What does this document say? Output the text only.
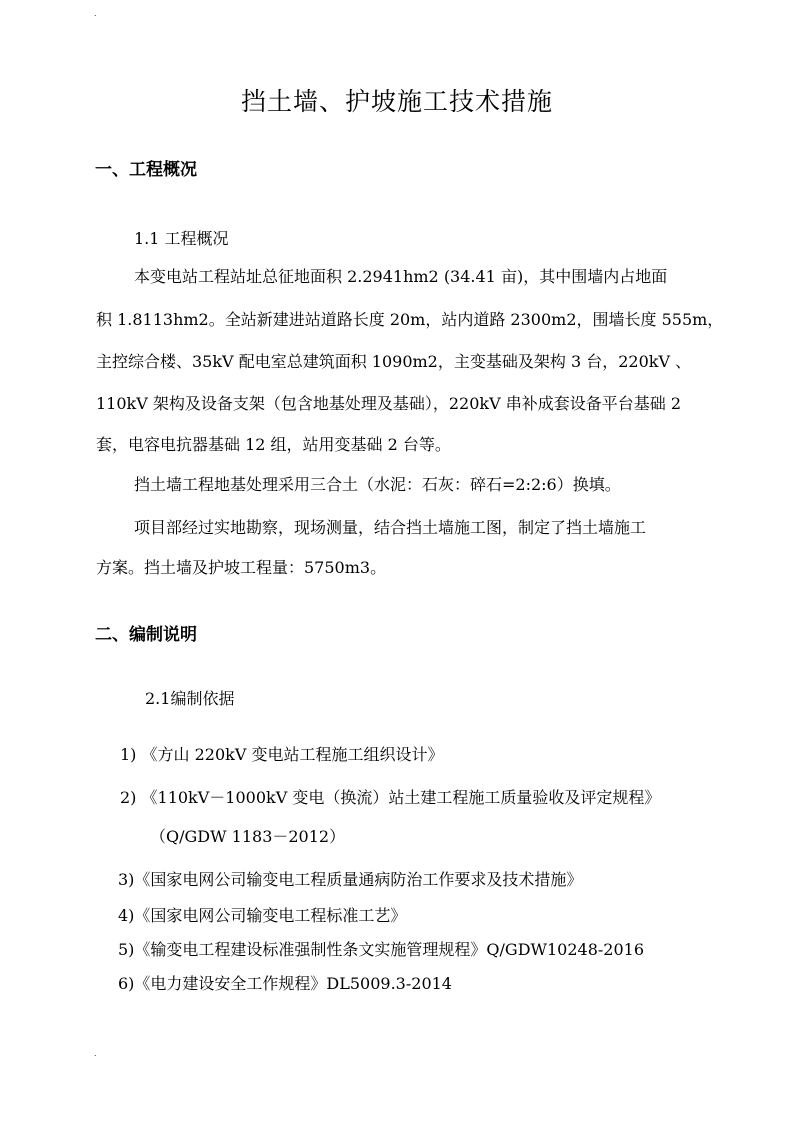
.
挡土墙、护坡施工技术措施
一、工程概况
1.1 工程概况
本变电站工程站址总征地面积 2.2941hm2 (34.41 亩)，其中围墙内占地面
积 1.8113hm2。全站新建进站道路长度 20m，站内道路 2300m2，围墙长度 555m，
主控综合楼、35kV 配电室总建筑面积 1090m2，主变基础及架构 3 台，220kV 、
110kV 架构及设备支架（包含地基处理及基础），220kV 串补成套设备平台基础 2
套，电容电抗器基础 12 组，站用变基础 2 台等。
挡土墙工程地基处理采用三合土（水泥：石灰：碎石=2:2:6）换填。
项目部经过实地勘察，现场测量，结合挡土墙施工图，制定了挡土墙施工
方案。挡土墙及护坡工程量：5750m3。
二、编制说明
2.1编制依据
1) 《方山 220kV 变电站工程施工组织设计》
2) 《110kV－1000kV 变电（换流）站土建工程施工质量验收及评定规程》
（Q/GDW 1183－2012）
3)《国家电网公司输变电工程质量通病防治工作要求及技术措施》
4)《国家电网公司输变电工程标准工艺》
5)《输变电工程建设标准强制性条文实施管理规程》Q/GDW10248-2016
6)《电力建设安全工作规程》DL5009.3-2014
.
